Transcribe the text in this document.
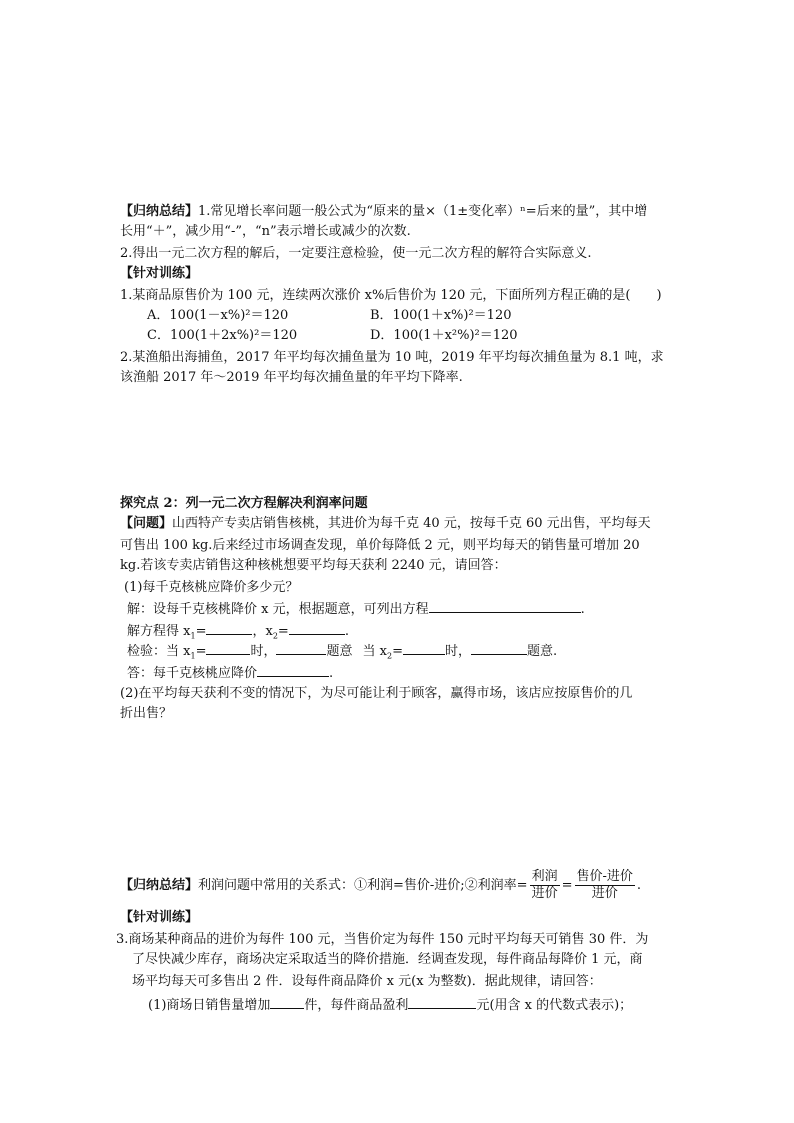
【归纳总结】1.常见增长率问题一般公式为“原来的量×（1±变化率）ⁿ=后来的量”，其中增
长用“＋”，减少用“-”，“n”表示增长或减少的次数.
2.得出一元二次方程的解后，一定要注意检验，使一元二次方程的解符合实际意义.
【针对训练】
1.某商品原售价为 100 元，连续两次涨价 x%后售价为 120 元，下面所列方程正确的是(　　)
A．100(1－x%)²＝120	B．100(1＋x%)²＝120
C．100(1＋2x%)²＝120	D．100(1＋x²%)²＝120
2.某渔船出海捕鱼，2017 年平均每次捕鱼量为 10 吨，2019 年平均每次捕鱼量为 8.1 吨，求
该渔船 2017 年～2019 年平均每次捕鱼量的年平均下降率.
探究点 2：列一元二次方程解决利润率问题
【问题】山西特产专卖店销售核桃，其进价为每千克 40 元，按每千克 60 元出售，平均每天
可售出 100 kg.后来经过市场调查发现，单价每降低 2 元，则平均每天的销售量可增加 20
kg.若该专卖店销售这种核桃想要平均每天获利 2240 元，请回答：
(1)每千克核桃应降价多少元？
解：设每千克核桃降价 x 元，根据题意，可列出方程	.
解方程得 $x_1=$	，$x_2=$	.
检验：当 $x_1=$	时，	题意 当 $x_2=$	时，	题意.
答：每千克核桃应降价	.
(2)在平均每天获利不变的情况下，为尽可能让利于顾客，赢得市场，该店应按原售价的几
折出售？
【归纳总结】利润问题中常用的关系式：①利润=售价-进价;②利润率= $\frac{\text{利润}}{\text{进价}} = \frac{\text{售价-进价}}{\text{进价}}$ .
【针对训练】
3.商场某种商品的进价为每件 100 元，当售价定为每件 150 元时平均每天可销售 30 件．为
了尽快减少库存，商场决定采取适当的降价措施．经调查发现，每件商品每降价 1 元，商
场平均每天可多售出 2 件．设每件商品降价 x 元(x 为整数)．据此规律，请回答：
(1)商场日销售量增加	件，每件商品盈利	元(用含 x 的代数式表示)；
